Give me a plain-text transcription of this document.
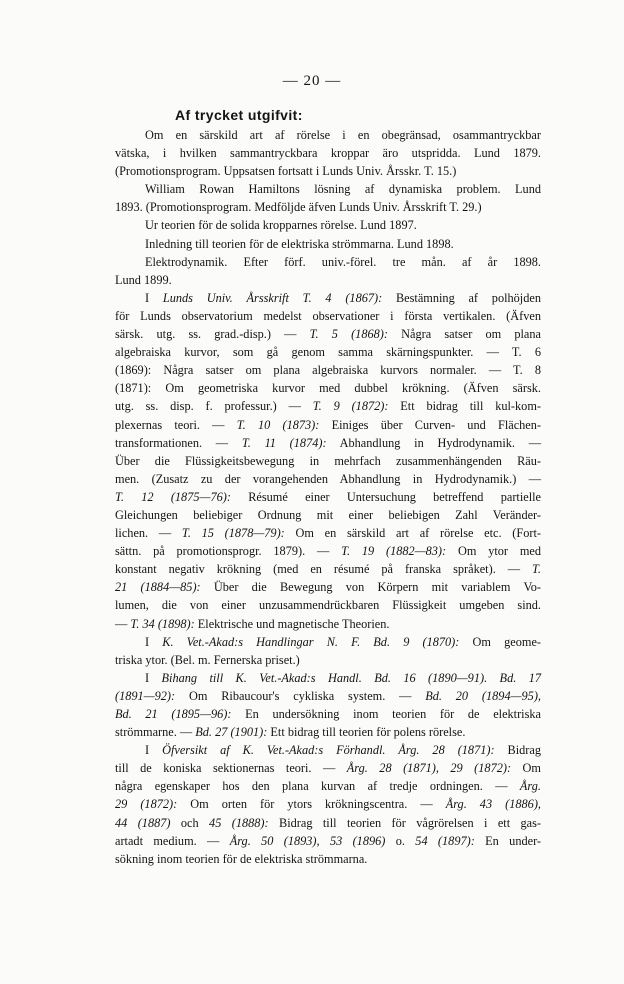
— 20 —
Af trycket utgifvit:
Om en särskild art af rörelse i en obegränsad, osammantryckbar
vätska, i hvilken sammantryckbara kroppar äro utspridda. Lund 1879.
(Promotionsprogram. Uppsatsen fortsatt i Lunds Univ. Årsskr. T. 15.)
William Rowan Hamiltons lösning af dynamiska problem. Lund
1893. (Promotionsprogram. Medföljde äfven Lunds Univ. Årsskrift T. 29.)
Ur teorien för de solida kropparnes rörelse. Lund 1897.
Inledning till teorien för de elektriska strömmarna. Lund 1898.
Elektrodynamik. Efter förf. univ.-förel. tre mån. af år 1898.
Lund 1899.
I Lunds Univ. Årsskrift T. 4 (1867): Bestämning af polhöjden
för Lunds observatorium medelst observationer i första vertikalen. (Äfven
särsk. utg. ss. grad.-disp.) — T. 5 (1868): Några satser om plana
algebraiska kurvor, som gå genom samma skärningspunkter. — T. 6
(1869): Några satser om plana algebraiska kurvors normaler. — T. 8
(1871): Om geometriska kurvor med dubbel krökning. (Äfven särsk.
utg. ss. disp. f. professur.) — T. 9 (1872): Ett bidrag till kul-kom-
plexernas teori. — T. 10 (1873): Einiges über Curven- und Flächen-
transformationen. — T. 11 (1874): Abhandlung in Hydrodynamik. —
Über die Flüssigkeitsbewegung in mehrfach zusammenhängenden Räu-
men. (Zusatz zu der vorangehenden Abhandlung in Hydrodynamik.) —
T. 12 (1875—76): Résumé einer Untersuchung betreffend partielle
Gleichungen beliebiger Ordnung mit einer beliebigen Zahl Veränder-
lichen. — T. 15 (1878—79): Om en särskild art af rörelse etc. (Fort-
sättn. på promotionsprogr. 1879). — T. 19 (1882—83): Om ytor med
konstant negativ krökning (med en résumé på franska språket). — T.
21 (1884—85): Über die Bewegung von Körpern mit variablem Vo-
lumen, die von einer unzusammendrückbaren Flüssigkeit umgeben sind.
— T. 34 (1898): Elektrische und magnetische Theorien.
I K. Vet.-Akad:s Handlingar N. F. Bd. 9 (1870): Om geome-
triska ytor. (Bel. m. Fernerska priset.)
I Bihang till K. Vet.-Akad:s Handl. Bd. 16 (1890—91). Bd. 17
(1891—92): Om Ribaucour's cykliska system. — Bd. 20 (1894—95),
Bd. 21 (1895—96): En undersökning inom teorien för de elektriska
strömmarne. — Bd. 27 (1901): Ett bidrag till teorien för polens rörelse.
I Öfversikt af K. Vet.-Akad:s Förhandl. Årg. 28 (1871): Bidrag
till de koniska sektionernas teori. — Årg. 28 (1871), 29 (1872): Om
några egenskaper hos den plana kurvan af tredje ordningen. — Årg.
29 (1872): Om orten för ytors krökningscentra. — Årg. 43 (1886),
44 (1887) och 45 (1888): Bidrag till teorien för vågrörelsen i ett gas-
artadt medium. — Årg. 50 (1893), 53 (1896) o. 54 (1897): En under-
sökning inom teorien för de elektriska strömmarna.
